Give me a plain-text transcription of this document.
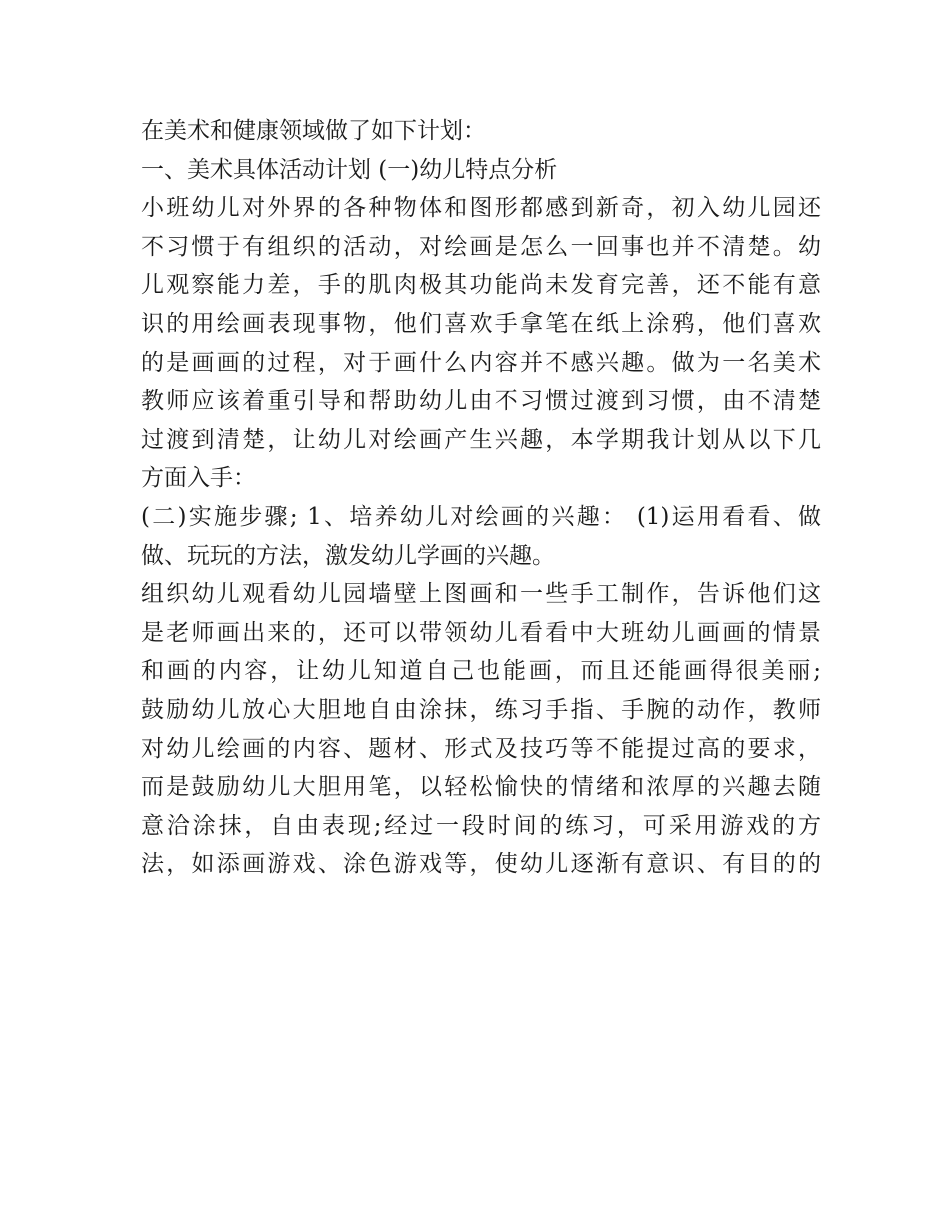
在美术和健康领域做了如下计划：
一、美术具体活动计划 (一)幼儿特点分析
小班幼儿对外界的各种物体和图形都感到新奇，初入幼儿园还
不习惯于有组织的活动，对绘画是怎么一回事也并不清楚。幼
儿观察能力差，手的肌肉极其功能尚未发育完善，还不能有意
识的用绘画表现事物，他们喜欢手拿笔在纸上涂鸦，他们喜欢
的是画画的过程，对于画什么内容并不感兴趣。做为一名美术
教师应该着重引导和帮助幼儿由不习惯过渡到习惯，由不清楚
过渡到清楚，让幼儿对绘画产生兴趣，本学期我计划从以下几
方面入手：
(二)实施步骤; 1、培养幼儿对绘画的兴趣： (1)运用看看、做
做、玩玩的方法，激发幼儿学画的兴趣。
组织幼儿观看幼儿园墙壁上图画和一些手工制作，告诉他们这
是老师画出来的，还可以带领幼儿看看中大班幼儿画画的情景
和画的内容，让幼儿知道自己也能画，而且还能画得很美丽;
鼓励幼儿放心大胆地自由涂抹，练习手指、手腕的动作，教师
对幼儿绘画的内容、题材、形式及技巧等不能提过高的要求，
而是鼓励幼儿大胆用笔，以轻松愉快的情绪和浓厚的兴趣去随
意洽涂抹，自由表现;经过一段时间的练习，可采用游戏的方
法，如添画游戏、涂色游戏等，使幼儿逐渐有意识、有目的的
